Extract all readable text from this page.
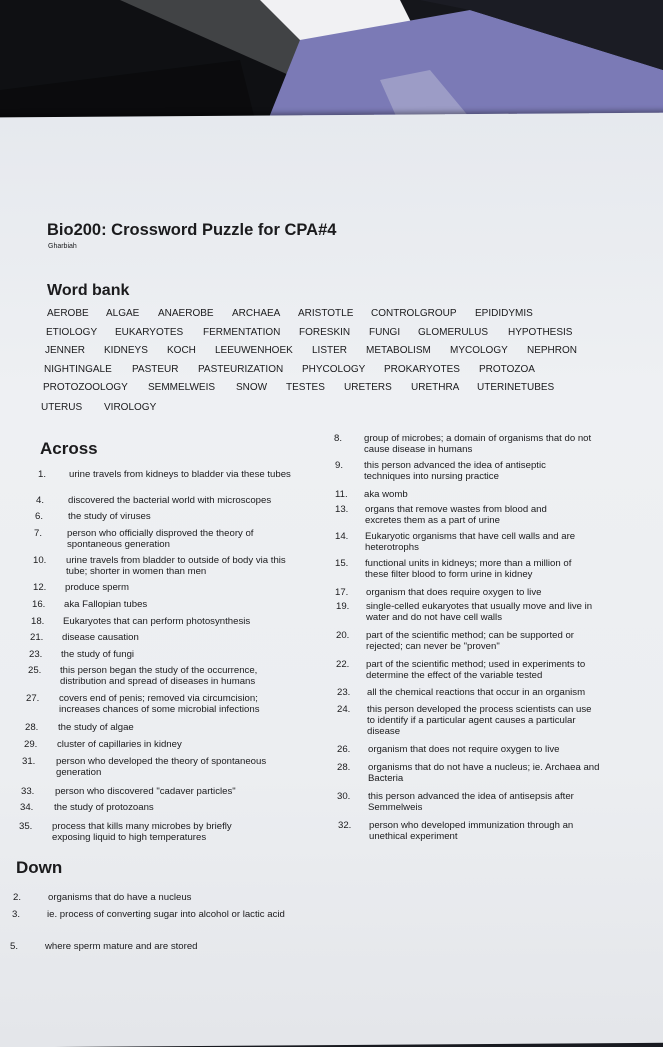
Bio200: Crossword Puzzle for CPA#4
Gharbiah
Word bank
AEROBE ALGAE ANAEROBE ARCHAEA ARISTOTLE CONTROLGROUP EPIDIDYMIS
ETIOLOGY EUKARYOTES FERMENTATION FORESKIN FUNGI GLOMERULUS HYPOTHESIS
JENNER KIDNEYS KOCH LEEUWENHOEK LISTER METABOLISM MYCOLOGY NEPHRON
NIGHTINGALE PASTEUR PASTEURIZATION PHYCOLOGY PROKARYOTES PROTOZOA
PROTOZOOLOGY SEMMELWEIS SNOW TESTES URETERS URETHRA UTERINETUBES
UTERUS VIROLOGY
Across
1. urine travels from kidneys to bladder via these tubes
4. discovered the bacterial world with microscopes
6.	the study of viruses
7.	person who officially disproved the theory of spontaneous generation
10. urine travels from bladder to outside of body via this tube; shorter in women than men
12. produce sperm
16. aka Fallopian tubes
18. Eukaryotes that can perform photosynthesis
21. disease causation
23. the study of fungi
25. this person began the study of the occurrence, distribution and spread of diseases in humans
27. covers end of penis; removed via circumcision; increases chances of some microbial infections
28. the study of algae
29. cluster of capillaries in kidney
31. person who developed the theory of spontaneous generation
33. person who discovered "cadaver particles"
34. the study of protozoans
35. process that kills many microbes by briefly exposing liquid to high temperatures
8. group of microbes; a domain of organisms that do not cause disease in humans
9. this person advanced the idea of antiseptic techniques into nursing practice
11. aka womb
13. organs that remove wastes from blood and excretes them as a part of urine
14. Eukaryotic organisms that have cell walls and are heterotrophs
15. functional units in kidneys; more than a million of these filter blood to form urine in kidney
17. organism that does require oxygen to live
19. single-celled eukaryotes that usually move and live in water and do not have cell walls
20. part of the scientific method; can be supported or rejected; can never be "proven"
22. part of the scientific method; used in experiments to determine the effect of the variable tested
23. all the chemical reactions that occur in an organism
24. this person developed the process scientists can use to identify if a particular agent causes a particular disease
26. organism that does not require oxygen to live
28. organisms that do not have a nucleus; ie. Archaea and Bacteria
30. this person advanced the idea of antisepsis after Semmelweis
32. person who developed immunization through an unethical experiment
Down
2.	organisms that do have a nucleus
3.	ie. process of converting sugar into alcohol or lactic acid
5.	where sperm mature and are stored
